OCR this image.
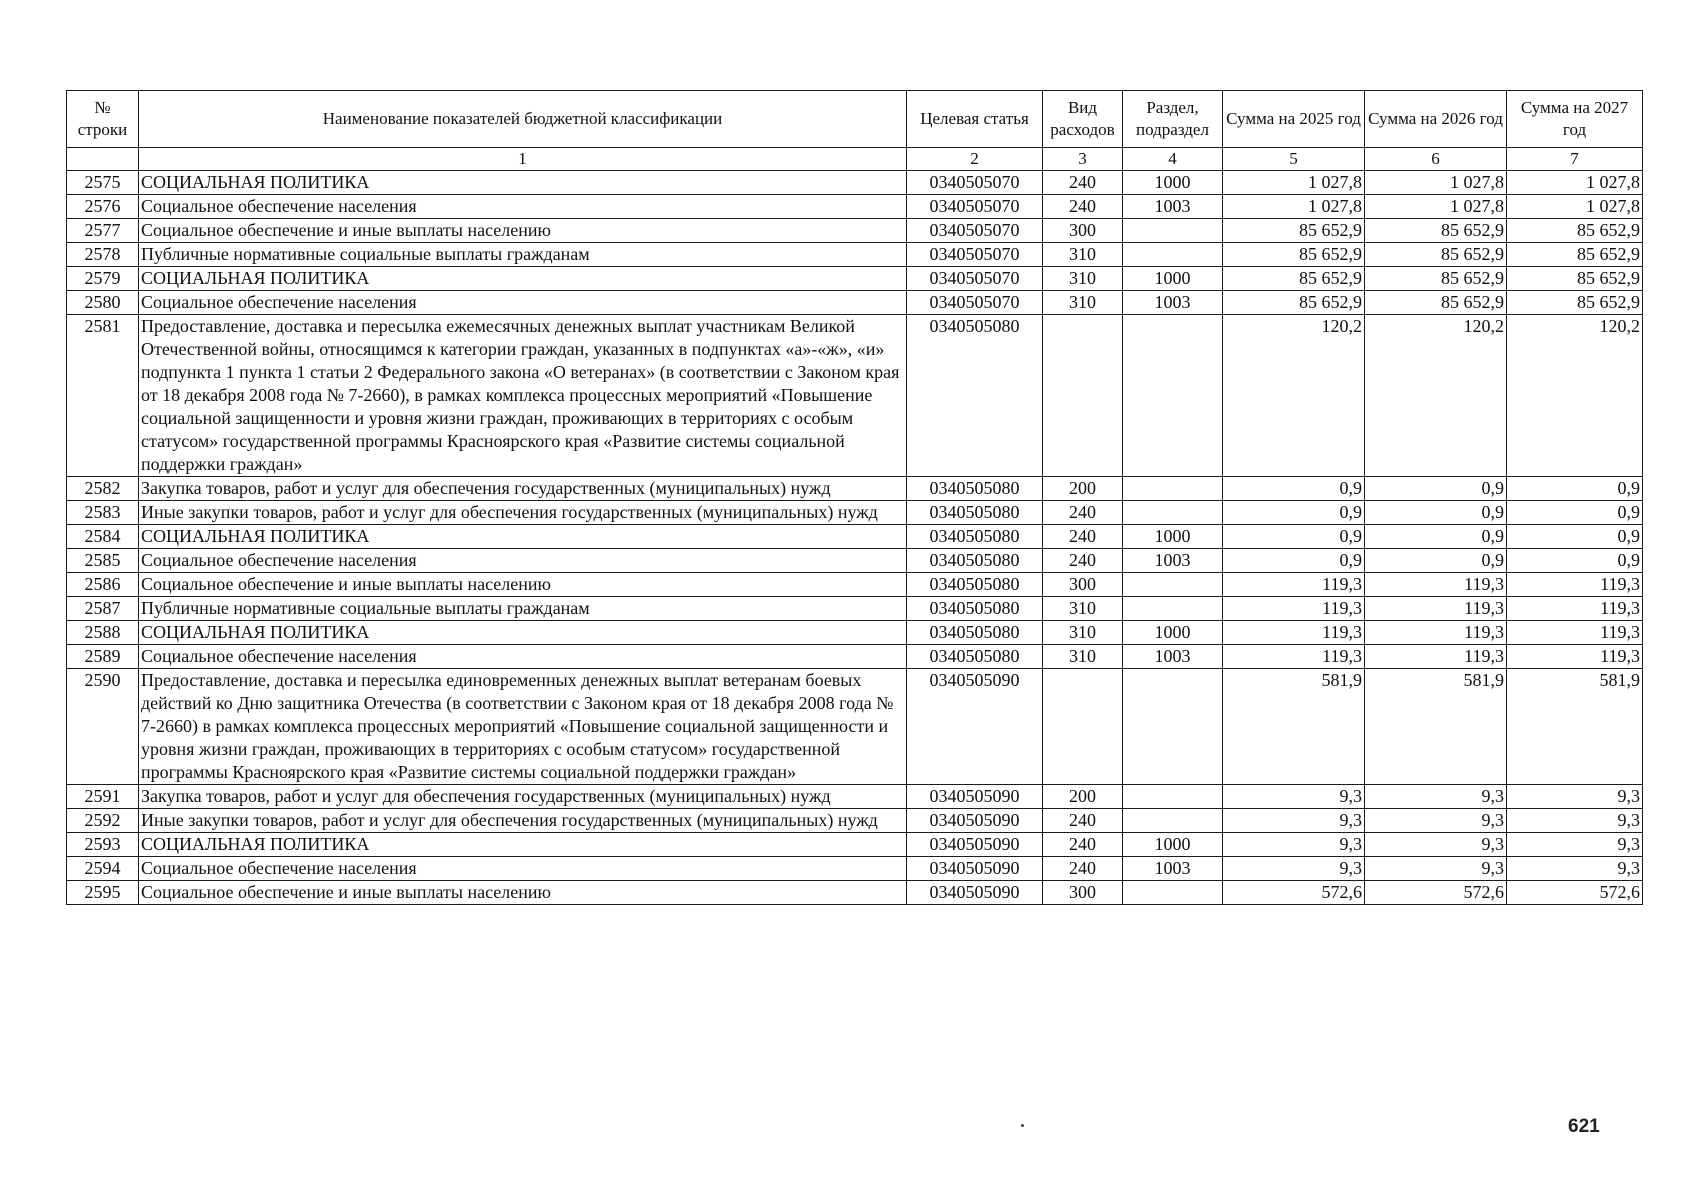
№ строки	Наименование показателей бюджетной классификации	Целевая статья	Вид расходов	Раздел, подраздел	Сумма на 2025 год	Сумма на 2026 год	Сумма на 2027 год
	1	2	3	4	5	6	7
2575	СОЦИАЛЬНАЯ ПОЛИТИКА	0340505070	240	1000	1 027,8	1 027,8	1 027,8
2576	Социальное обеспечение населения	0340505070	240	1003	1 027,8	1 027,8	1 027,8
2577	Социальное обеспечение и иные выплаты населению	0340505070	300		85 652,9	85 652,9	85 652,9
2578	Публичные нормативные социальные выплаты гражданам	0340505070	310		85 652,9	85 652,9	85 652,9
2579	СОЦИАЛЬНАЯ ПОЛИТИКА	0340505070	310	1000	85 652,9	85 652,9	85 652,9
2580	Социальное обеспечение населения	0340505070	310	1003	85 652,9	85 652,9	85 652,9
2581	Предоставление, доставка и пересылка ежемесячных денежных выплат участникам Великой Отечественной войны, относящимся к категории граждан, указанных в подпунктах «а»-«ж», «и» подпункта 1 пункта 1 статьи 2 Федерального закона «О ветеранах» (в соответствии с Законом края от 18 декабря 2008 года № 7-2660), в рамках комплекса процессных мероприятий «Повышение социальной защищенности и уровня жизни граждан, проживающих в территориях с особым статусом» государственной программы Красноярского края «Развитие системы социальной поддержки граждан»	0340505080			120,2	120,2	120,2
2582	Закупка товаров, работ и услуг для обеспечения государственных (муниципальных) нужд	0340505080	200		0,9	0,9	0,9
2583	Иные закупки товаров, работ и услуг для обеспечения государственных (муниципальных) нужд	0340505080	240		0,9	0,9	0,9
2584	СОЦИАЛЬНАЯ ПОЛИТИКА	0340505080	240	1000	0,9	0,9	0,9
2585	Социальное обеспечение населения	0340505080	240	1003	0,9	0,9	0,9
2586	Социальное обеспечение и иные выплаты населению	0340505080	300		119,3	119,3	119,3
2587	Публичные нормативные социальные выплаты гражданам	0340505080	310		119,3	119,3	119,3
2588	СОЦИАЛЬНАЯ ПОЛИТИКА	0340505080	310	1000	119,3	119,3	119,3
2589	Социальное обеспечение населения	0340505080	310	1003	119,3	119,3	119,3
2590	Предоставление, доставка и пересылка единовременных денежных выплат ветеранам боевых действий ко Дню защитника Отечества (в соответствии с Законом края от 18 декабря 2008 года № 7-2660) в рамках комплекса процессных мероприятий «Повышение социальной защищенности и уровня жизни граждан, проживающих в территориях с особым статусом» государственной программы Красноярского края «Развитие системы социальной поддержки граждан»	0340505090			581,9	581,9	581,9
2591	Закупка товаров, работ и услуг для обеспечения государственных (муниципальных) нужд	0340505090	200		9,3	9,3	9,3
2592	Иные закупки товаров, работ и услуг для обеспечения государственных (муниципальных) нужд	0340505090	240		9,3	9,3	9,3
2593	СОЦИАЛЬНАЯ ПОЛИТИКА	0340505090	240	1000	9,3	9,3	9,3
2594	Социальное обеспечение населения	0340505090	240	1003	9,3	9,3	9,3
2595	Социальное обеспечение и иные выплаты населению	0340505090	300		572,6	572,6	572,6
621
